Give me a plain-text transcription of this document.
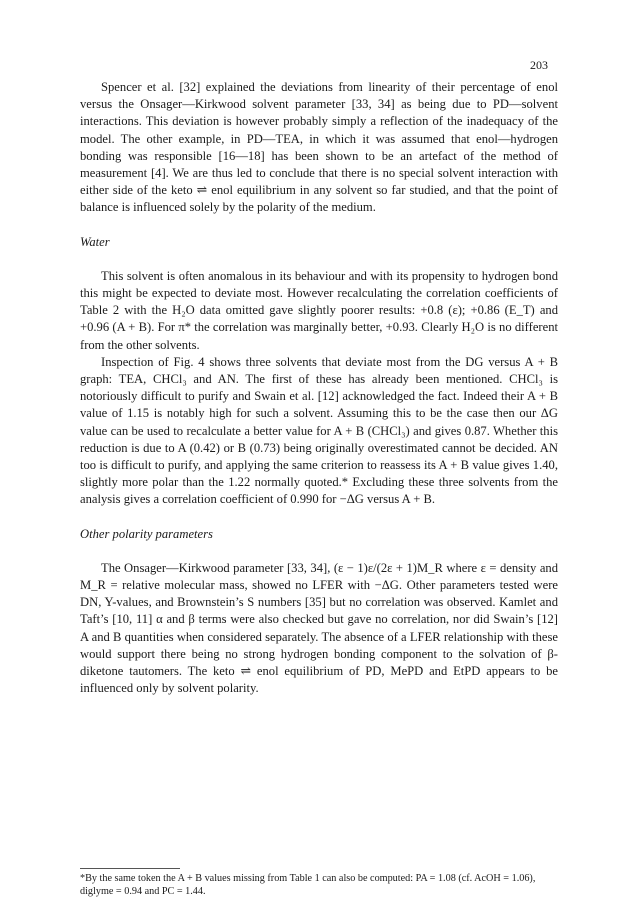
203

Spencer et al. [32] explained the deviations from linearity of their percentage of enol versus the Onsager—Kirkwood solvent parameter [33, 34] as being due to PD—solvent interactions. This deviation is however probably simply a reflection of the inadequacy of the model. The other example, in PD—TEA, in which it was assumed that enol—hydrogen bonding was responsible [16—18] has been shown to be an artefact of the method of measurement [4]. We are thus led to conclude that there is no special solvent interaction with either side of the keto ⇌ enol equilibrium in any solvent so far studied, and that the point of balance is influenced solely by the polarity of the medium.

Water

This solvent is often anomalous in its behaviour and with its propensity to hydrogen bond this might be expected to deviate most. However recalculating the correlation coefficients of Table 2 with the H₂O data omitted gave slightly poorer results: +0.8 (ε); +0.86 (E_T) and +0.96 (A + B). For π* the correlation was marginally better, +0.93. Clearly H₂O is no different from the other solvents.

Inspection of Fig. 4 shows three solvents that deviate most from the DG versus A + B graph: TEA, CHCl₃ and AN. The first of these has already been mentioned. CHCl₃ is notoriously difficult to purify and Swain et al. [12] acknowledged the fact. Indeed their A + B value of 1.15 is notably high for such a solvent. Assuming this to be the case then our ΔG value can be used to recalculate a better value for A + B (CHCl₃) and gives 0.87. Whether this reduction is due to A (0.42) or B (0.73) being originally overestimated cannot be decided. AN too is difficult to purify, and applying the same criterion to reassess its A + B value gives 1.40, slightly more polar than the 1.22 normally quoted.* Excluding these three solvents from the analysis gives a correlation coefficient of 0.990 for −ΔG versus A + B.

Other polarity parameters

The Onsager—Kirkwood parameter [33, 34], (ε − 1)ε/(2ε + 1)M_R where ε = density and M_R = relative molecular mass, showed no LFER with −ΔG. Other parameters tested were DN, Y-values, and Brownstein’s S numbers [35] but no correlation was observed. Kamlet and Taft’s [10, 11] α and β terms were also checked but gave no correlation, nor did Swain’s [12] A and B quantities when considered separately. The absence of a LFER relationship with these would support there being no strong hydrogen bonding component to the solvation of β-diketone tautomers. The keto ⇌ enol equilibrium of PD, MePD and EtPD appears to be influenced only by solvent polarity.

*By the same token the A + B values missing from Table 1 can also be computed: PA = 1.08 (cf. AcOH = 1.06), diglyme = 0.94 and PC = 1.44.
